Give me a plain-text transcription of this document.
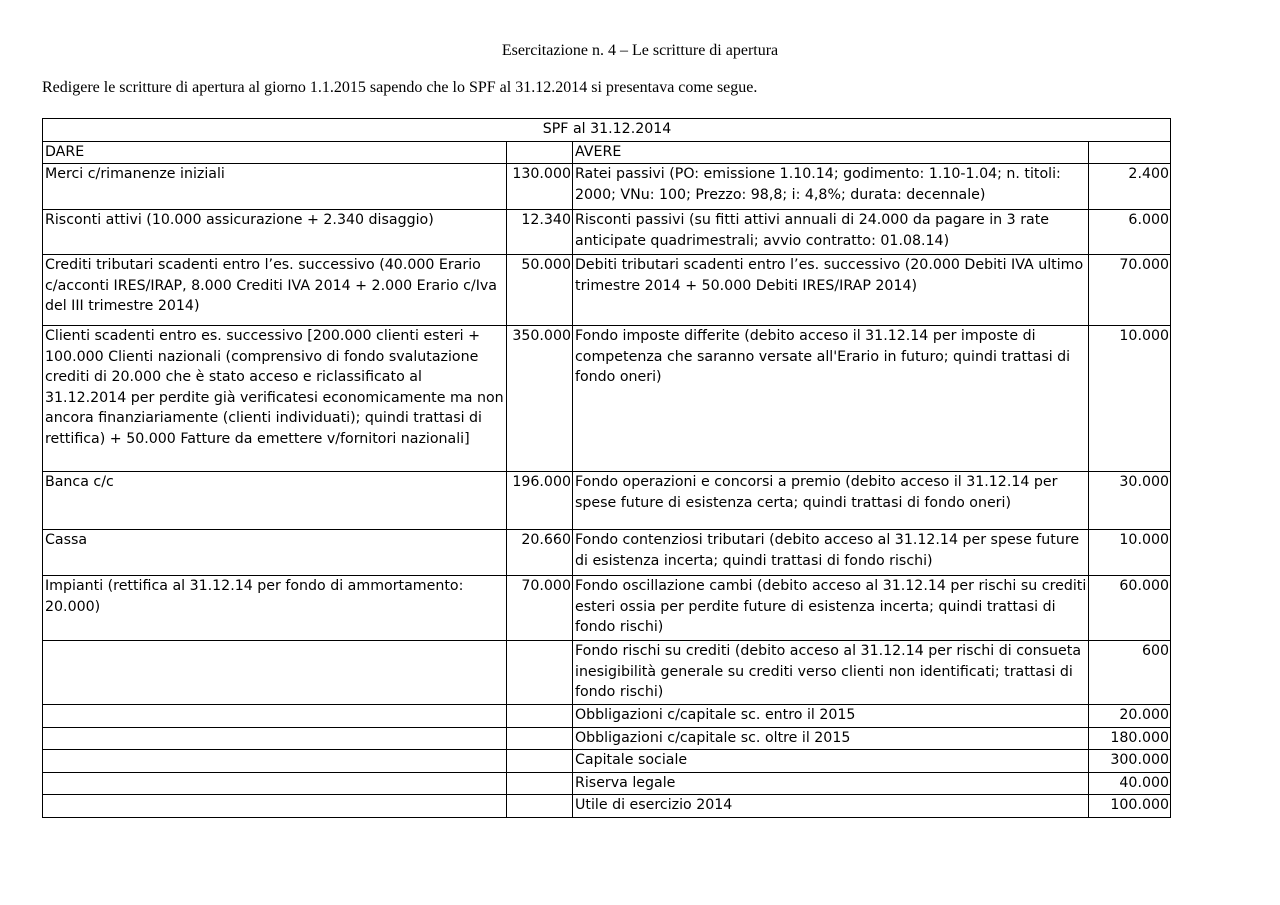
Esercitazione n. 4 – Le scritture di apertura
Redigere le scritture di apertura al giorno 1.1.2015 sapendo che lo SPF al 31.12.2014 si presentava come segue.
SPF al 31.12.2014			
DARE		AVERE	
Merci c/rimanenze iniziali	130.000	Ratei passivi (PO: emissione 1.10.14; godimento: 1.10-1.04; n. titoli: 2000; VNu: 100; Prezzo: 98,8; i: 4,8%; durata: decennale)	2.400
Risconti attivi (10.000 assicurazione + 2.340 disaggio)	12.340	Risconti passivi (su fitti attivi annuali di 24.000 da pagare in 3 rate anticipate quadrimestrali; avvio contratto: 01.08.14)	6.000
Crediti tributari scadenti entro l’es. successivo (40.000 Erario c/acconti IRES/IRAP, 8.000 Crediti IVA 2014 + 2.000 Erario c/Iva del III trimestre 2014)	50.000	Debiti tributari scadenti entro l’es. successivo (20.000 Debiti IVA ultimo trimestre 2014 + 50.000 Debiti IRES/IRAP 2014)	70.000
Clienti scadenti entro es. successivo [200.000 clienti esteri + 100.000 Clienti nazionali (comprensivo di fondo svalutazione crediti di 20.000 che è stato acceso e riclassificato al 31.12.2014 per perdite già verificatesi economicamente ma non ancora finanziariamente (clienti individuati); quindi trattasi di rettifica) + 50.000 Fatture da emettere v/fornitori nazionali]	350.000	Fondo imposte differite (debito acceso il 31.12.14 per imposte di competenza che saranno versate all'Erario in futuro; quindi trattasi di fondo oneri)	10.000
Banca c/c	196.000	Fondo operazioni e concorsi a premio (debito acceso il 31.12.14 per spese future di esistenza certa; quindi trattasi di fondo oneri)	30.000
Cassa	20.660	Fondo contenziosi tributari (debito acceso al 31.12.14 per spese future di esistenza incerta; quindi trattasi di fondo rischi)	10.000
Impianti (rettifica al 31.12.14 per fondo di ammortamento: 20.000)	70.000	Fondo oscillazione cambi (debito acceso al 31.12.14 per rischi su crediti esteri ossia per perdite future di esistenza incerta; quindi trattasi di fondo rischi)	60.000
		Fondo rischi su crediti (debito acceso al 31.12.14 per rischi di consueta inesigibilità generale su crediti verso clienti non identificati; trattasi di fondo rischi)	600
		Obbligazioni c/capitale sc. entro il 2015	20.000
		Obbligazioni c/capitale sc. oltre il 2015	180.000
		Capitale sociale	300.000
		Riserva legale	40.000
		Utile di esercizio 2014	100.000
